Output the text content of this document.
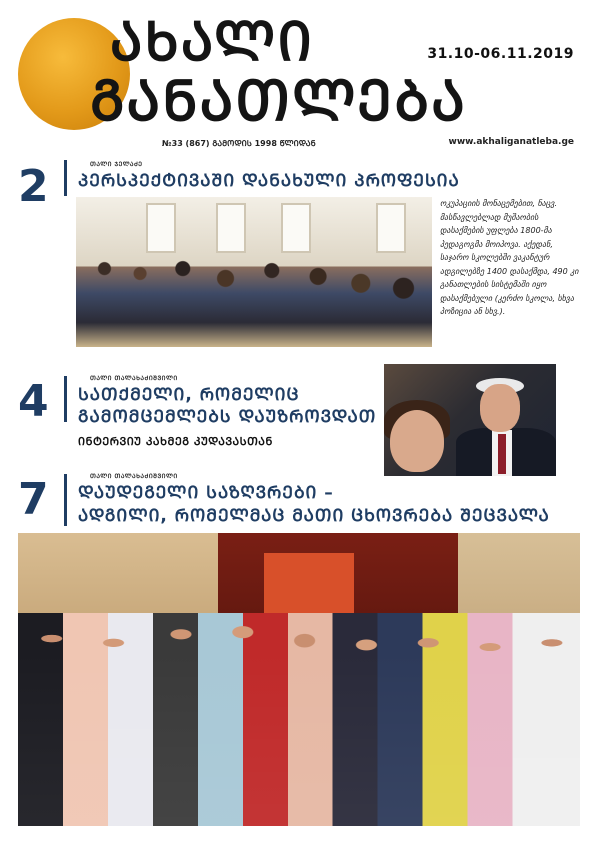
ᲐᲮᲐᲚᲘ
ᲒᲐᲜᲐᲗᲚᲔᲑᲐ
31.10-06.11.2019
№33 (867) ᲒᲐᲛᲝᲓᲘᲡ 1998 ᲬᲚᲘᲓᲐᲜ	www.akhaliganatleba.ge
2	ᲗᲐᲚᲘ ᲯᲔᲚᲐᲫᲔ
ᲞᲔᲠᲡᲞᲔᲥᲢᲘᲕᲐᲨᲘ ᲓᲐᲜᲐᲮᲣᲚᲘ ᲞᲠᲝᲤᲔᲡᲘᲐ
ოკუპაციის მონაცემებით, ნაცვ. მასწავლებლად მუშაობის დასაქმების უფლება 1800-მა პედაგოგმა მოიპოვა. აქედან, საჯარო სკოლებში ვაკანტურ ადგილებზე 1400 დასაქმდა, 490 კი განათლების სისტემაში იყო დასაქმებული (კერძო სკოლა, სხვა პოზიცია ან სხვ.).
4	ᲗᲐᲚᲘ ᲗᲐᲚᲐᲮᲐᲫᲘᲨᲕᲘᲚᲘ
ᲡᲐᲗᲥᲛᲔᲚᲘ, ᲠᲝᲛᲔᲚᲘᲪ
ᲒᲐᲛᲝᲛᲪᲔᲛᲚᲔᲑᲡ ᲓᲐᲣᲖᲠᲝᲕᲓᲐᲗ
ᲘᲜᲢᲔᲠᲕᲘᲣ ᲙᲐᲮᲛᲔᲒ ᲙᲣᲓᲐᲕᲐᲡᲗᲐᲜ
7	ᲗᲐᲚᲘ ᲗᲐᲚᲐᲮᲐᲫᲘᲨᲕᲘᲚᲘ
ᲓᲐᲣᲓᲔᲒᲔᲚᲘ ᲡᲐᲖᲦᲕᲠᲔᲑᲘ –
ᲐᲓᲒᲘᲚᲘ, ᲠᲝᲛᲔᲚᲛᲐᲪ ᲛᲐᲗᲘ ᲪᲮᲝᲕᲠᲔᲑᲐ ᲨᲔᲪᲕᲐᲚᲐ
